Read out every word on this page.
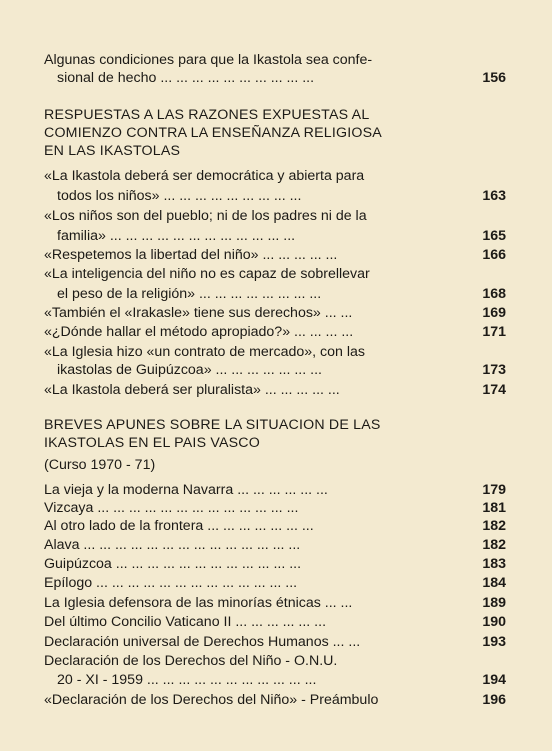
Algunas condiciones para que la Ikastola sea confe-
sional de hecho ... ... ... ... ... ... ... ... ... ...	156
RESPUESTAS A LAS RAZONES EXPUESTAS AL
COMIENZO CONTRA LA ENSEÑANZA RELIGIOSA
EN LAS IKASTOLAS
«La Ikastola deberá ser democrática y abierta para
todos los niños» ... ... ... ... ... ... ... ... ...	163
«Los niños son del pueblo; ni de los padres ni de la
familia» ... ... ... ... ... ... ... ... ... ... ... ...	165
«Respetemos la libertad del niño» ... ... ... ... ...	166
«La inteligencia del niño no es capaz de sobrellevar
el peso de la religión» ... ... ... ... ... ... ... ...	168
«También el «Irakasle» tiene sus derechos» ... ...	169
«¿Dónde hallar el método apropiado?» ... ... ... ...	171
«La Iglesia hizo «un contrato de mercado», con las
ikastolas de Guipúzcoa» ... ... ... ... ... ... ...	173
«La Ikastola deberá ser pluralista» ... ... ... ... ...	174
BREVES APUNES SOBRE LA SITUACION DE LAS
IKASTOLAS EN EL PAIS VASCO
(Curso 1970 - 71)
La vieja y la moderna Navarra ... ... ... ... ... ...	179
Vizcaya ... ... ... ... ... ... ... ... ... ... ... ... ...	181
Al otro lado de la frontera ... ... ... ... ... ... ...	182
Alava ... ... ... ... ... ... ... ... ... ... ... ... ... ...	182
Guipúzcoa ... ... ... ... ... ... ... ... ... ... ... ...	183
Epílogo ... ... ... ... ... ... ... ... ... ... ... ... ...	184
La Iglesia defensora de las minorías étnicas ... ...	189
Del último Concilio Vaticano II ... ... ... ... ... ...	190
Declaración universal de Derechos Humanos ... ...	193
Declaración de los Derechos del Niño - O.N.U.
20 - XI - 1959 ... ... ... ... ... ... ... ... ... ... ...	194
«Declaración de los Derechos del Niño» - Preámbulo	196
